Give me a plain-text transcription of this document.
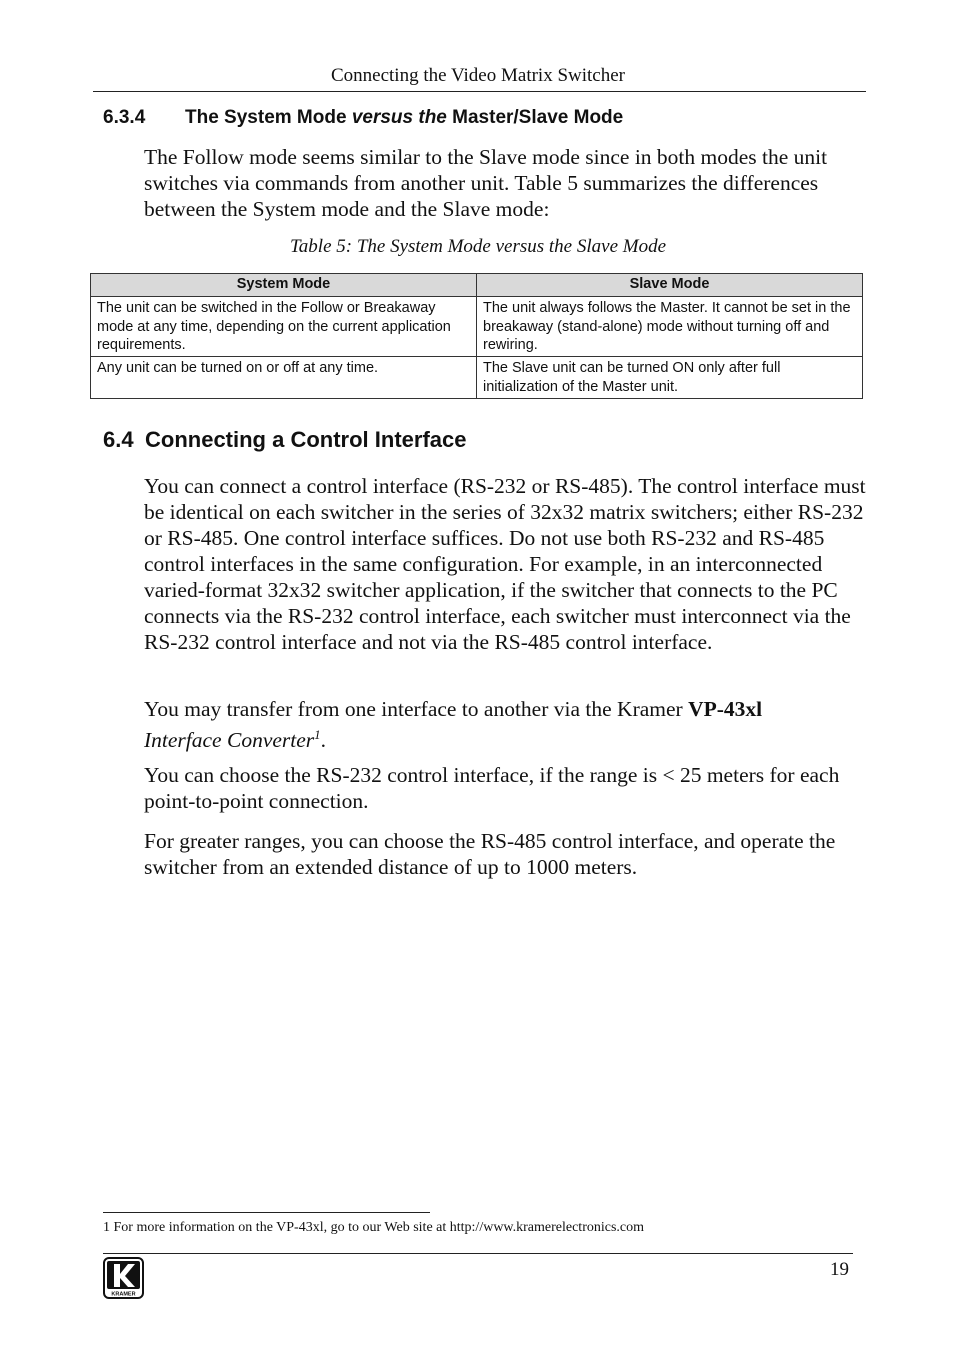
Connecting the Video Matrix Switcher
6.3.4 The System Mode versus the Master/Slave Mode
The Follow mode seems similar to the Slave mode since in both modes the unit switches via commands from another unit. Table 5 summarizes the differences between the System mode and the Slave mode:
Table 5: The System Mode versus the Slave Mode
System Mode	Slave Mode
The unit can be switched in the Follow or Breakaway mode at any time, depending on the current application requirements.	The unit always follows the Master. It cannot be set in the breakaway (stand-alone) mode without turning off and rewiring.
Any unit can be turned on or off at any time.	The Slave unit can be turned ON only after full initialization of the Master unit.
6.4 Connecting a Control Interface
You can connect a control interface (RS-232 or RS-485). The control interface must be identical on each switcher in the series of 32x32 matrix switchers; either RS-232 or RS-485. One control interface suffices. Do not use both RS-232 and RS-485 control interfaces in the same configuration. For example, in an interconnected varied-format 32x32 switcher application, if the switcher that connects to the PC connects via the RS-232 control interface, each switcher must interconnect via the RS-232 control interface and not via the RS-485 control interface.
You may transfer from one interface to another via the Kramer VP-43xl
Interface Converter$^1$.
You can choose the RS-232 control interface, if the range is < 25 meters for each point-to-point connection.
For greater ranges, you can choose the RS-485 control interface, and operate the switcher from an extended distance of up to 1000 meters.
1 For more information on the VP-43xl, go to our Web site at http://www.kramerelectronics.com
19
KRAMER
